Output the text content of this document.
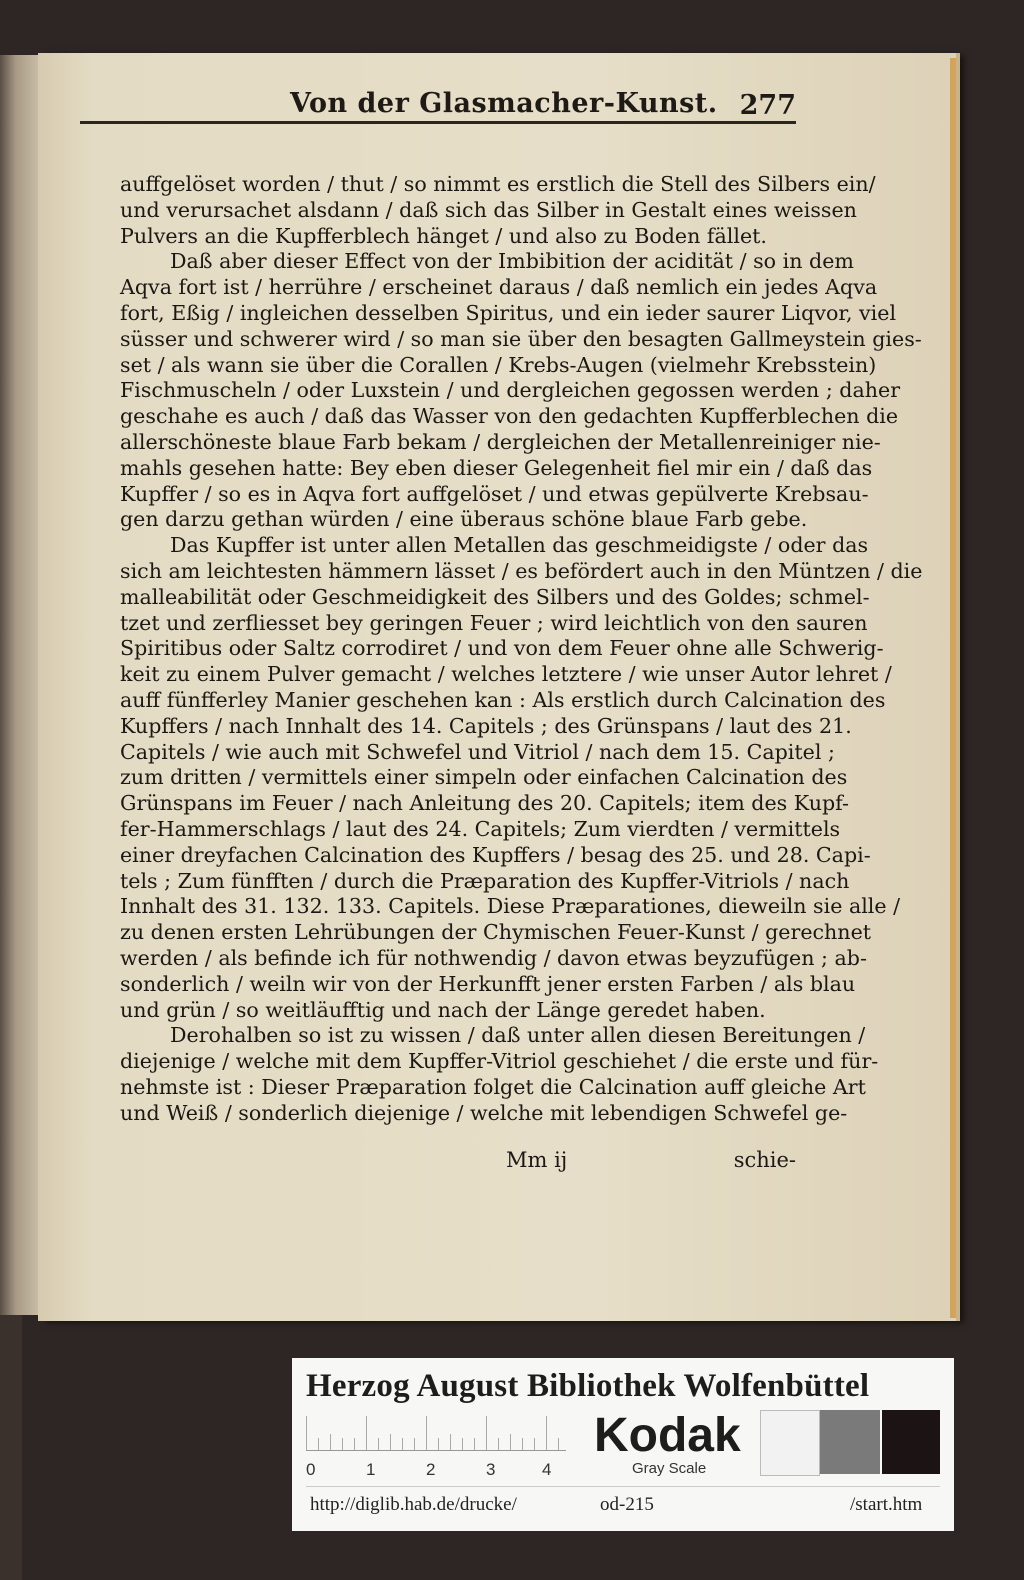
Von der Glasmacher-Kunst. 277
auffgelöset worden / thut / so nimmt es erstlich die Stell des Silbers ein/
und verursachet alsdann / daß sich das Silber in Gestalt eines weissen
Pulvers an die Kupfferblech hänget / und also zu Boden fället.
Daß aber dieser Effect von der Imbibition der acidität / so in dem
Aqva fort ist / herrühre / erscheinet daraus / daß nemlich ein jedes Aqva
fort, Eßig / ingleichen desselben Spiritus, und ein ieder saurer Liqvor, viel
süsser und schwerer wird / so man sie über den besagten Gallmeystein gies-
set / als wann sie über die Corallen / Krebs-Augen (vielmehr Krebsstein)
Fischmuscheln / oder Luxstein / und dergleichen gegossen werden ; daher
geschahe es auch / daß das Wasser von den gedachten Kupfferblechen die
allerschöneste blaue Farb bekam / dergleichen der Metallenreiniger nie-
mahls gesehen hatte: Bey eben dieser Gelegenheit fiel mir ein / daß das
Kupffer / so es in Aqva fort auffgelöset / und etwas gepülverte Krebsau-
gen darzu gethan würden / eine überaus schöne blaue Farb gebe.
Das Kupffer ist unter allen Metallen das geschmeidigste / oder das
sich am leichtesten hämmern lässet / es befördert auch in den Müntzen / die
malleabilität oder Geschmeidigkeit des Silbers und des Goldes; schmel-
tzet und zerfliesset bey geringen Feuer ; wird leichtlich von den sauren
Spiritibus oder Saltz corrodiret / und von dem Feuer ohne alle Schwerig-
keit zu einem Pulver gemacht / welches letztere / wie unser Autor lehret /
auff fünfferley Manier geschehen kan : Als erstlich durch Calcination des
Kupffers / nach Innhalt des 14. Capitels ; des Grünspans / laut des 21.
Capitels / wie auch mit Schwefel und Vitriol / nach dem 15. Capitel ;
zum dritten / vermittels einer simpeln oder einfachen Calcination des
Grünspans im Feuer / nach Anleitung des 20. Capitels; item des Kupf-
fer-Hammerschlags / laut des 24. Capitels; Zum vierdten / vermittels
einer dreyfachen Calcination des Kupffers / besag des 25. und 28. Capi-
tels ; Zum fünfften / durch die Præparation des Kupffer-Vitriols / nach
Innhalt des 31. 132. 133. Capitels. Diese Præparationes, dieweiln sie alle /
zu denen ersten Lehrübungen der Chymischen Feuer-Kunst / gerechnet
werden / als befinde ich für nothwendig / davon etwas beyzufügen ; ab-
sonderlich / weiln wir von der Herkunfft jener ersten Farben / als blau
und grün / so weitläufftig und nach der Länge geredet haben.
Derohalben so ist zu wissen / daß unter allen diesen Bereitungen /
diejenige / welche mit dem Kupffer-Vitriol geschiehet / die erste und für-
nehmste ist : Dieser Præparation folget die Calcination auff gleiche Art
und Weiß / sonderlich diejenige / welche mit lebendigen Schwefel ge-
Mm ij	schie-
Herzog August Bibliothek Wolfenbüttel
0	1	2	3	4
Kodak
Gray Scale
http://diglib.hab.de/drucke/	od-215	/start.htm
